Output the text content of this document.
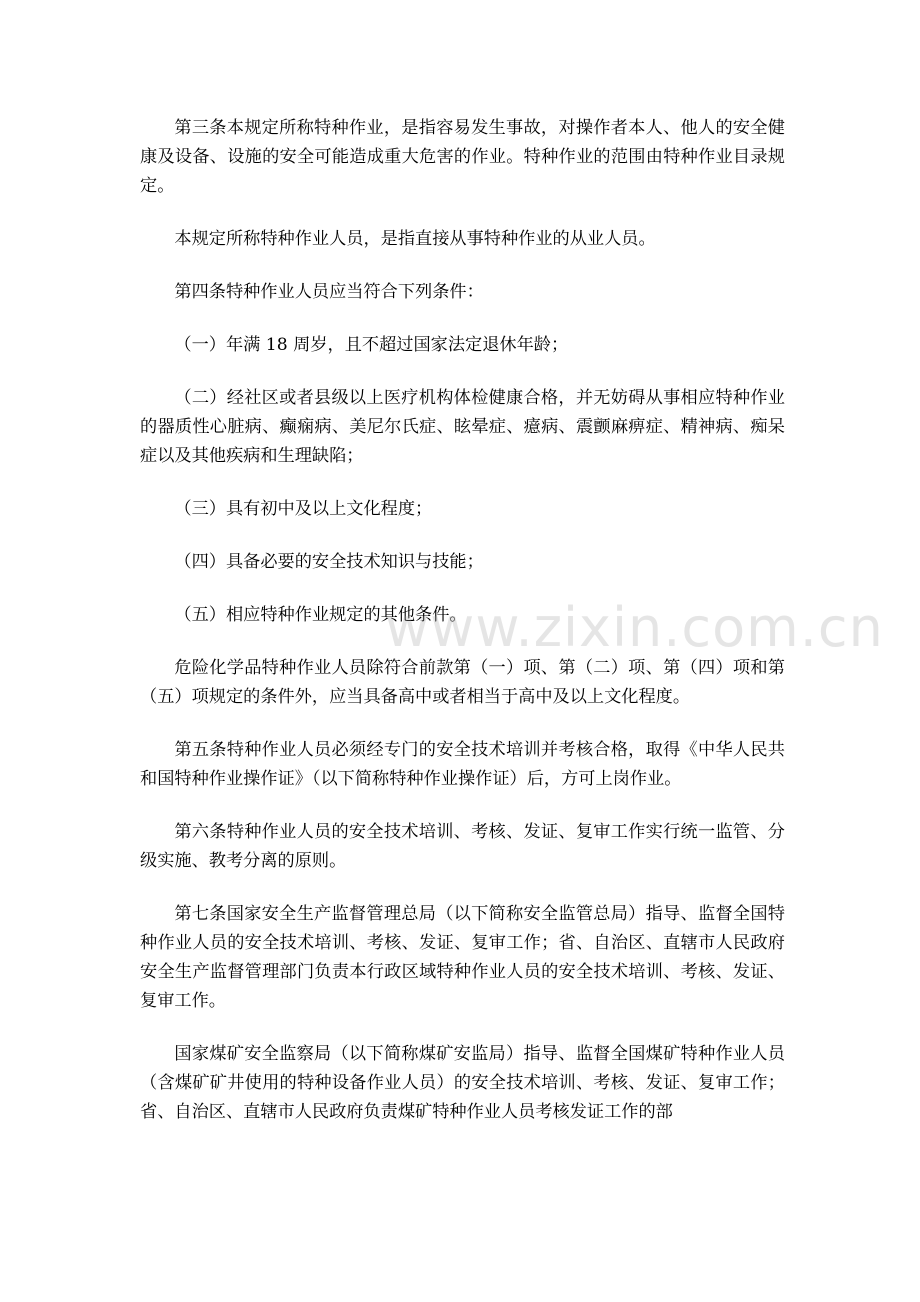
第三条本规定所称特种作业，是指容易发生事故，对操作者本人、他人的安全健康及设备、设施的安全可能造成重大危害的作业。特种作业的范围由特种作业目录规定。

本规定所称特种作业人员，是指直接从事特种作业的从业人员。

第四条特种作业人员应当符合下列条件：

（一）年满 18 周岁，且不超过国家法定退休年龄；

（二）经社区或者县级以上医疗机构体检健康合格，并无妨碍从事相应特种作业的器质性心脏病、癫痫病、美尼尔氏症、眩晕症、癔病、震颤麻痹症、精神病、痴呆症以及其他疾病和生理缺陷；

（三）具有初中及以上文化程度；

（四）具备必要的安全技术知识与技能；

（五）相应特种作业规定的其他条件。

危险化学品特种作业人员除符合前款第（一）项、第（二）项、第（四）项和第（五）项规定的条件外，应当具备高中或者相当于高中及以上文化程度。

第五条特种作业人员必须经专门的安全技术培训并考核合格，取得《中华人民共和国特种作业操作证》（以下简称特种作业操作证）后，方可上岗作业。

第六条特种作业人员的安全技术培训、考核、发证、复审工作实行统一监管、分级实施、教考分离的原则。

第七条国家安全生产监督管理总局（以下简称安全监管总局）指导、监督全国特种作业人员的安全技术培训、考核、发证、复审工作；省、自治区、直辖市人民政府安全生产监督管理部门负责本行政区域特种作业人员的安全技术培训、考核、发证、复审工作。

国家煤矿安全监察局（以下简称煤矿安监局）指导、监督全国煤矿特种作业人员（含煤矿矿井使用的特种设备作业人员）的安全技术培训、考核、发证、复审工作；省、自治区、直辖市人民政府负责煤矿特种作业人员考核发证工作的部

www.zixin.com.cn
